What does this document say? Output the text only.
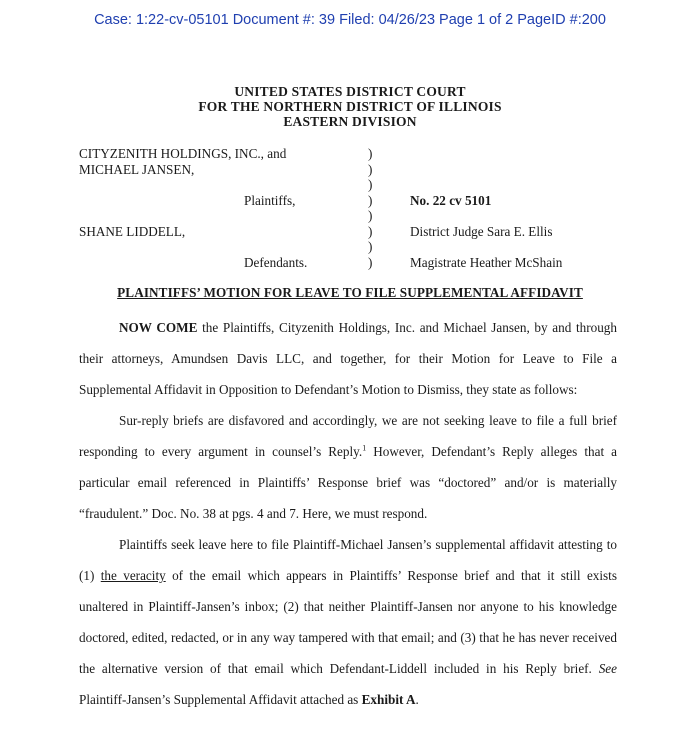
Case: 1:22-cv-05101 Document #: 39 Filed: 04/26/23 Page 1 of 2 PageID #:200
UNITED STATES DISTRICT COURT
FOR THE NORTHERN DISTRICT OF ILLINOIS
EASTERN DIVISION
CITYZENITH HOLDINGS, INC., and
MICHAEL JANSEN,
Plaintiffs,
SHANE LIDDELL,
Defendants.
)
)
)
)
)
)
)
)
No. 22 cv 5101
District Judge Sara E. Ellis
Magistrate Heather McShain
PLAINTIFFS’ MOTION FOR LEAVE TO FILE SUPPLEMENTAL AFFIDAVIT

NOW COME the Plaintiffs, Cityzenith Holdings, Inc. and Michael Jansen, by and through their attorneys, Amundsen Davis LLC, and together, for their Motion for Leave to File a Supplemental Affidavit in Opposition to Defendant’s Motion to Dismiss, they state as follows:

Sur-reply briefs are disfavored and accordingly, we are not seeking leave to file a full brief responding to every argument in counsel’s Reply.$^1$ However, Defendant’s Reply alleges that a particular email referenced in Plaintiffs’ Response brief was “doctored” and/or is materially “fraudulent.” Doc. No. 38 at pgs. 4 and 7. Here, we must respond.

Plaintiffs seek leave here to file Plaintiff-Michael Jansen’s supplemental affidavit attesting to (1) the veracity of the email which appears in Plaintiffs’ Response brief and that it still exists unaltered in Plaintiff-Jansen’s inbox; (2) that neither Plaintiff-Jansen nor anyone to his knowledge doctored, edited, redacted, or in any way tampered with that email; and (3) that he has never received the alternative version of that email which Defendant-Liddell included in his Reply brief. See Plaintiff-Jansen’s Supplemental Affidavit attached as Exhibit A.
